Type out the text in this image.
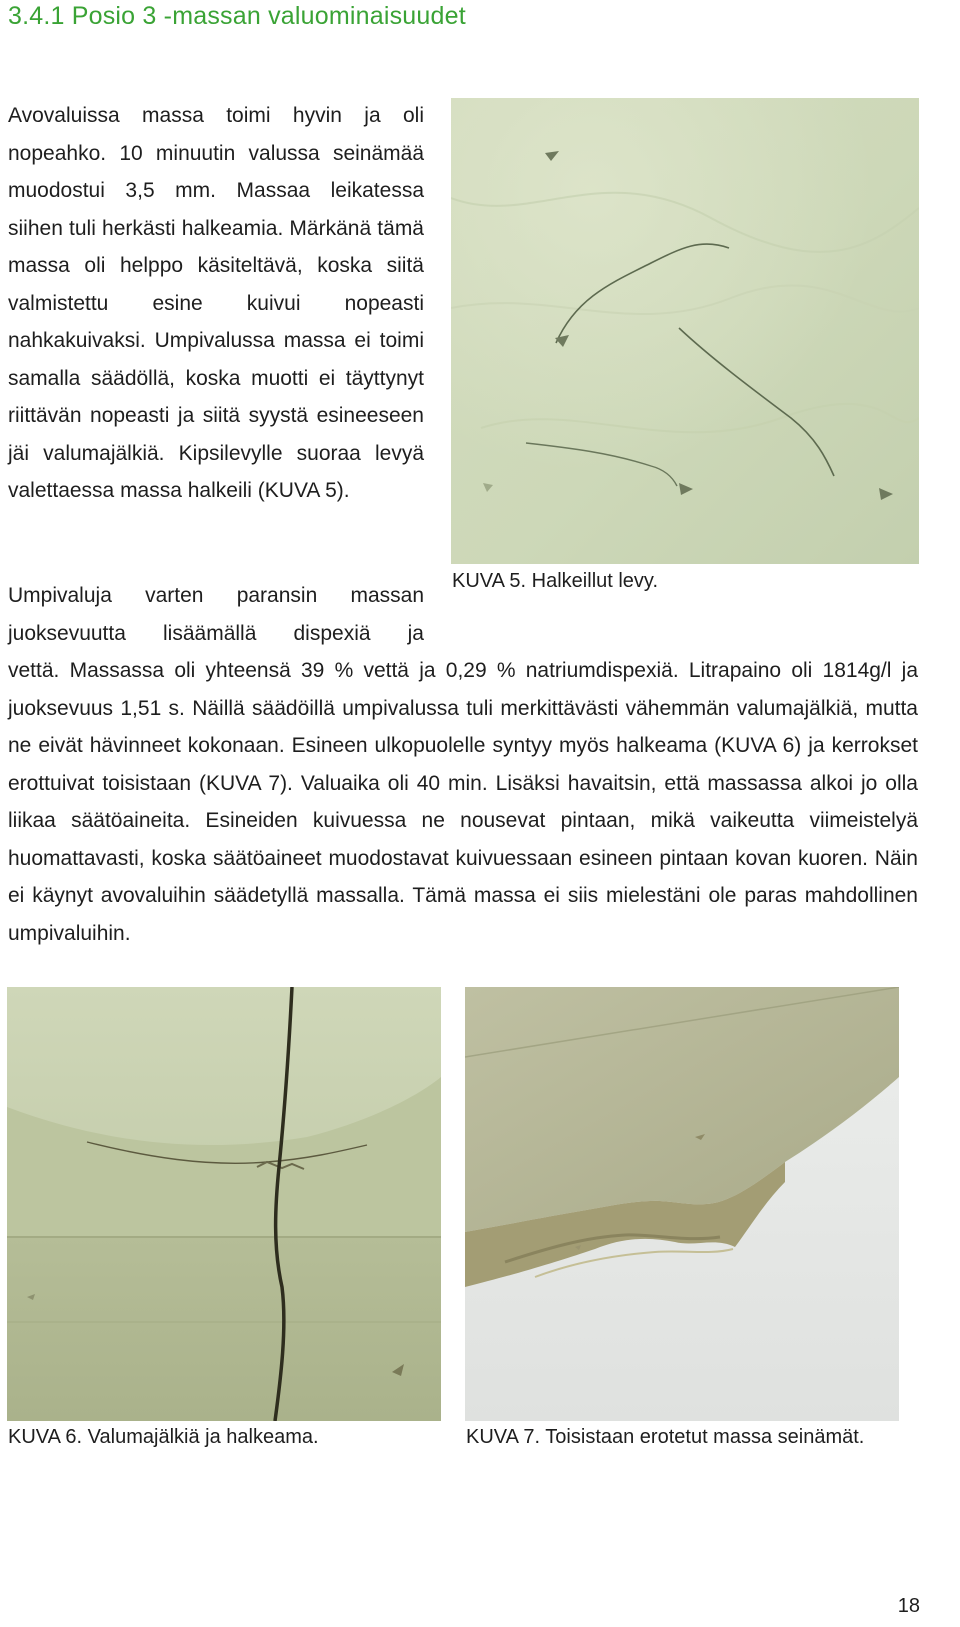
3.4.1 Posio 3 -massan valuominaisuudet

Avovaluissa massa toimi hyvin ja oli nopeahko. 10 minuutin valussa seinämää muodostui 3,5 mm. Massaa leikatessa siihen tuli herkästi halkeamia. Märkänä tämä massa oli helppo käsiteltävä, koska siitä valmistettu esine kuivui nopeasti nahkakuivaksi. Umpivalussa massa ei toimi samalla säädöllä, koska muotti ei täyttynyt riittävän nopeasti ja siitä syystä esineeseen jäi valumajälkiä. Kipsilevylle suoraa levyä valettaessa massa halkeili (KUVA 5).

KUVA 5. Halkeillut levy.

Umpivaluja varten paransin massan juoksevuutta lisäämällä dispexiä ja

vettä. Massassa oli yhteensä 39 % vettä ja 0,29 % natriumdispexiä. Litrapaino oli 1814g/l ja juoksevuus 1,51 s. Näillä säädöillä umpivalussa tuli merkittävästi vähemmän valumajälkiä, mutta ne eivät hävinneet kokonaan. Esineen ulkopuolelle syntyy myös halkeama (KUVA 6) ja kerrokset erottuivat toisistaan (KUVA 7). Valuaika oli 40 min. Lisäksi havaitsin, että massassa alkoi jo olla liikaa säätöaineita. Esineiden kuivuessa ne nousevat pintaan, mikä vaikeutta viimeistelyä huomattavasti, koska säätöaineet muodostavat kuivuessaan esineen pintaan kovan kuoren. Näin ei käynyt avovaluihin säädetyllä massalla. Tämä massa ei siis mielestäni ole paras mahdollinen umpivaluihin.

KUVA 6. Valumajälkiä ja halkeama.	KUVA 7. Toisistaan erotetut massa seinämät.

18
